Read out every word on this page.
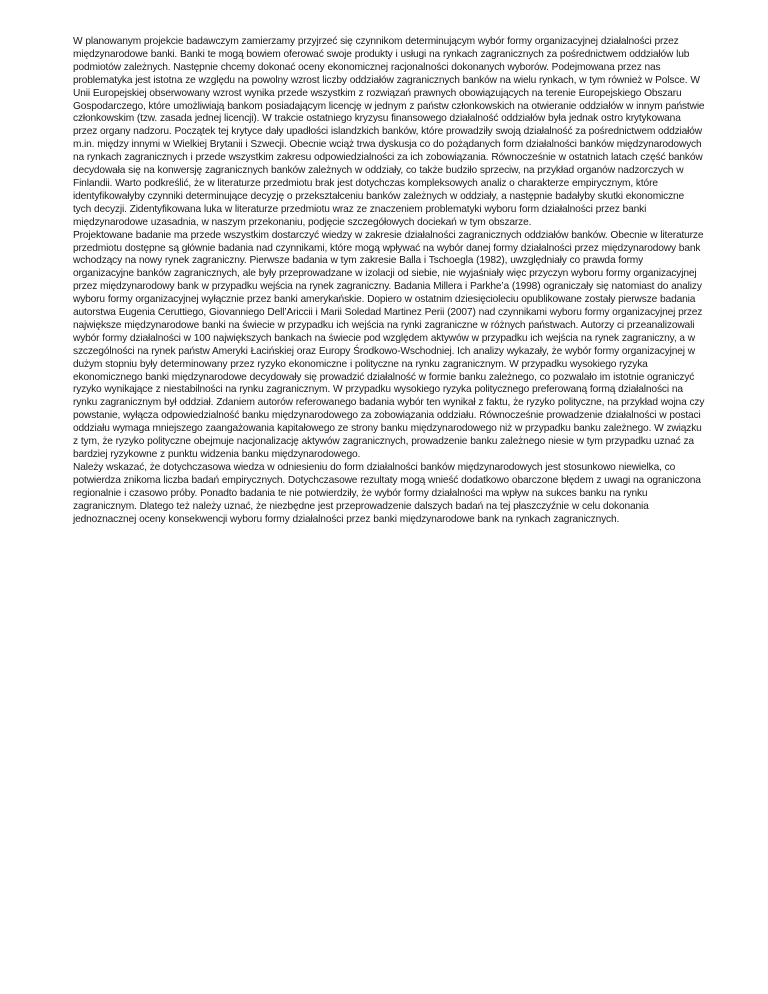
W planowanym projekcie badawczym zamierzamy przyjrzeć się czynnikom determinującym wybór formy organizacyjnej działalności przez międzynarodowe banki. Banki te mogą bowiem oferować swoje produkty i usługi na rynkach zagranicznych za pośrednictwem oddziałów lub podmiotów zależnych. Następnie chcemy dokonać oceny ekonomicznej racjonalności dokonanych wyborów. Podejmowana przez nas problematyka jest istotna ze względu na powolny wzrost liczby oddziałów zagranicznych banków na wielu rynkach, w tym również w Polsce. W Unii Europejskiej obserwowany wzrost wynika przede wszystkim z rozwiązań prawnych obowiązujących na terenie Europejskiego Obszaru Gospodarczego, które umożliwiają bankom posiadającym licencję w jednym z państw członkowskich na otwieranie oddziałów w innym państwie członkowskim (tzw. zasada jednej licencji). W trakcie ostatniego kryzysu finansowego działalność oddziałów była jednak ostro krytykowana przez organy nadzoru. Początek tej krytyce dały upadłości islandzkich banków, które prowadziły swoją działalność za pośrednictwem oddziałów m.in. między innymi w Wielkiej Brytanii i Szwecji. Obecnie wciąż trwa dyskusja co do pożądanych form działalności banków międzynarodowych na rynkach zagranicznych i przede wszystkim zakresu odpowiedzialności za ich zobowiązania. Równocześnie w ostatnich latach część banków decydowała się na konwersję zagranicznych banków zależnych w oddziały, co także budziło sprzeciw, na przykład organów nadzorczych w Finlandii. Warto podkreślić, że w literaturze przedmiotu brak jest dotychczas kompleksowych analiz o charakterze empirycznym, które identyfikowałyby czynniki determinujące decyzję o przekształceniu banków zależnych w oddziały, a następnie badałyby skutki ekonomiczne tych decyzji. Zidentyfikowana luka w literaturze przedmiotu wraz ze znaczeniem problematyki wyboru form działalności przez banki międzynarodowe uzasadnia, w naszym przekonaniu, podjęcie szczegółowych dociekań w tym obszarze.

Projektowane badanie ma przede wszystkim dostarczyć wiedzy w zakresie działalności zagranicznych oddziałów banków. Obecnie w literaturze przedmiotu dostępne są głównie badania nad czynnikami, które mogą wpływać na wybór danej formy działalności przez międzynarodowy bank wchodzący na nowy rynek zagraniczny. Pierwsze badania w tym zakresie Balla i Tschoegla (1982), uwzględniały co prawda formy organizacyjne banków zagranicznych, ale były przeprowadzane w izolacji od siebie, nie wyjaśniały więc przyczyn wyboru formy organizacyjnej przez międzynarodowy bank w przypadku wejścia na rynek zagraniczny. Badania Millera i Parkhe’a (1998) ograniczały się natomiast do analizy wyboru formy organizacyjnej wyłącznie przez banki amerykańskie. Dopiero w ostatnim dziesięcioleciu opublikowane zostały pierwsze badania autorstwa Eugenia Ceruttiego, Giovanniego Dell’Ariccii i Marii Soledad Martinez Perii (2007) nad czynnikami wyboru formy organizacyjnej przez największe międzynarodowe banki na świecie w przypadku ich wejścia na rynki zagraniczne w różnych państwach. Autorzy ci przeanalizowali wybór formy działalności w 100 największych bankach na świecie pod względem aktywów w przypadku ich wejścia na rynek zagraniczny, a w szczególności na rynek państw Ameryki Łacińskiej oraz Europy Środkowo-Wschodniej. Ich analizy wykazały, że wybór formy organizacyjnej w dużym stopniu były determinowany przez ryzyko ekonomiczne i polityczne na rynku zagranicznym. W przypadku wysokiego ryzyka ekonomicznego banki międzynarodowe decydowały się prowadzić działalność w formie banku zależnego, co pozwalało im istotnie ograniczyć ryzyko wynikające z niestabilności na rynku zagranicznym. W przypadku wysokiego ryzyka politycznego preferowaną formą działalności na rynku zagranicznym był oddział. Zdaniem autorów referowanego badania wybór ten wynikał z faktu, że ryzyko polityczne, na przykład wojna czy powstanie, wyłącza odpowiedzialność banku międzynarodowego za zobowiązania oddziału. Równocześnie prowadzenie działalności w postaci oddziału wymaga mniejszego zaangażowania kapitałowego ze strony banku międzynarodowego niż w przypadku banku zależnego. W związku z tym, że ryzyko polityczne obejmuje nacjonalizację aktywów zagranicznych, prowadzenie banku zależnego niesie w tym przypadku uznać za bardziej ryzykowne z punktu widzenia banku międzynarodowego.

Należy wskazać, że dotychczasowa wiedza w odniesieniu do form działalności banków międzynarodowych jest stosunkowo niewielka, co potwierdza znikoma liczba badań empirycznych. Dotychczasowe rezultaty mogą wnieść dodatkowo obarczone błędem z uwagi na ograniczona regionalnie i czasowo próby. Ponadto badania te nie potwierdziły, że wybór formy działalności ma wpływ na sukces banku na rynku zagranicznym. Dlatego też należy uznać, że niezbędne jest przeprowadzenie dalszych badań na tej płaszczyźnie w celu dokonania jednoznacznej oceny konsekwencji wyboru formy działalności przez banki międzynarodowe bank na rynkach zagranicznych.
